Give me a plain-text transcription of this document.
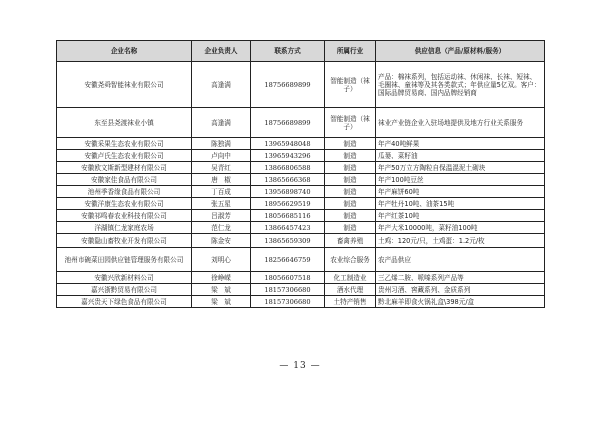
企业名称	企业负责人	联系方式	所属行业	供应信息（产品/原材料/服务）
安徽尧舜智能袜业有限公司	高逢满	18756689899	智能制造（袜子）	产品：棉袜系列，包括运动袜、休闲袜、长袜、短袜、毛圈袜、童袜等及其各类款式；年供应量5亿双。客户：国际品牌贸易商、国内品牌经销商
东至县尧渡袜业小镇	高逢满	18756689899	智能制造（袜子）	袜业产业链企业入驻场地提供及地方行业关系服务
安徽采果生态农业有限公司	陈独满	13965948048	制造	年产40吨鲜果
安徽卢氏生态农业有限公司	卢向中	13965943296	制造	瓜蒌、菜籽油
安徽欧文斯新型建材有限公司	吴青红	13866806588	制造	年产50万立方陶粒自保温混泥土砌块
安徽家佳食品有限公司	唐　椒	13865666368	制造	年产100吨豆丝
池州季香缘食品有限公司	丁百成	13956898740	制造	年产麻饼60吨
安徽洋康生态农业有限公司	张五星	18956629519	制造	年产牡丹10吨、油茶15吨
安徽祁鸣春农业科技有限公司	吕淑芳	18056685116	制造	年产红茶10吨
洋湖镇仁龙家庭农场	范仁龙	13866457423	制造	年产大米10000吨，菜籽油100吨
安徽隐山畜牧业开发有限公司	陈金安	13865659309	畜禽养殖	土鸡：120元/只，土鸡蛋：1.2元/枚
池州市碗菜田园供应链管理服务有限公司	刘明心	18256646759	农业综合服务	农产品供应
安徽兴欣新材料公司	徐峥嵘	18056607518	化工制造业	三乙烯二胺、哌嗪系列产品等
嘉兴浙黔贸易有限公司	梁　斌	18157306680	酒水代理	贵州习酒、窖藏系列、金质系列
嘉兴贵天下绿色食品有限公司	梁　斌	18157306680	土特产销售	黔北麻羊即食火锅礼盒\398元/盒
— 13 —
